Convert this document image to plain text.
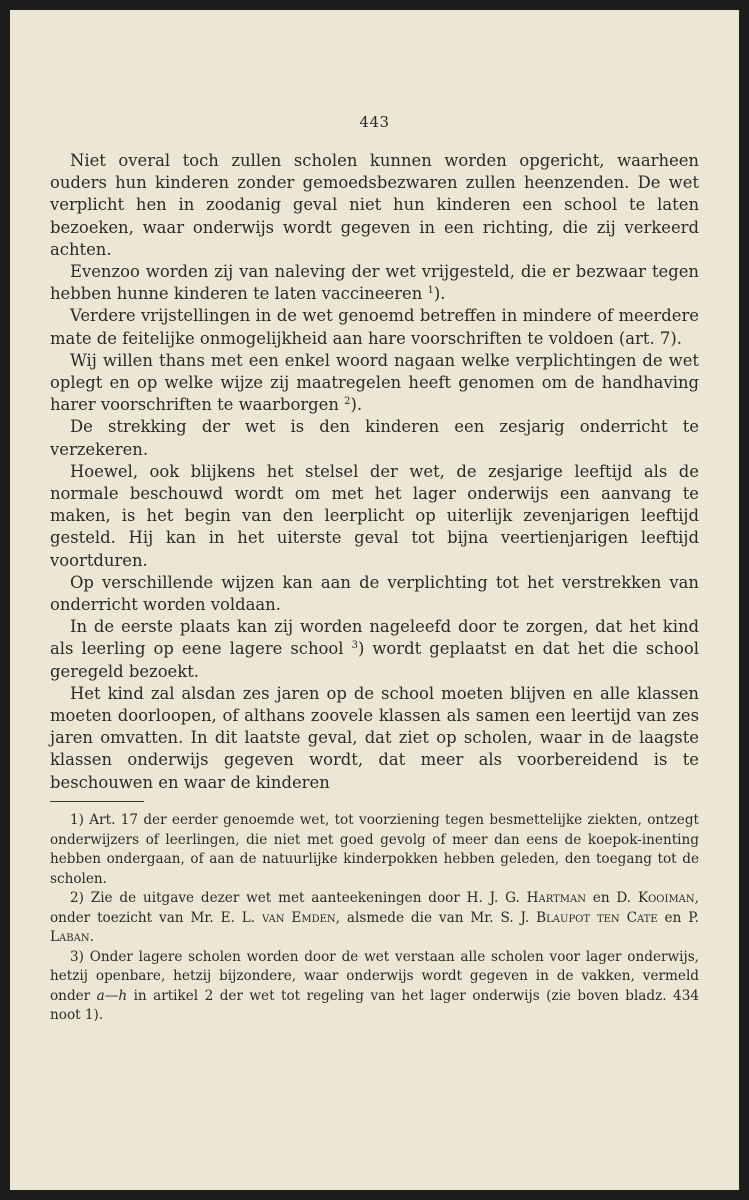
443

Niet overal toch zullen scholen kunnen worden opgericht, waarheen ouders hun kinderen zonder gemoedsbezwaren zullen heenzenden. De wet verplicht hen in zoodanig geval niet hun kinderen een school te laten bezoeken, waar onderwijs wordt gegeven in een richting, die zij verkeerd achten.

Evenzoo worden zij van naleving der wet vrijgesteld, die er bezwaar tegen hebben hunne kinderen te laten vaccineeren $^1$).

Verdere vrijstellingen in de wet genoemd betreffen in mindere of meerdere mate de feitelijke onmogelijkheid aan hare voorschriften te voldoen (art. 7).

Wij willen thans met een enkel woord nagaan welke verplichtingen de wet oplegt en op welke wijze zij maatregelen heeft genomen om de handhaving harer voorschriften te waarborgen $^2$).

De strekking der wet is den kinderen een zesjarig onderricht te verzekeren.

Hoewel, ook blijkens het stelsel der wet, de zesjarige leeftijd als de normale beschouwd wordt om met het lager onderwijs een aanvang te maken, is het begin van den leerplicht op uiterlijk zevenjarigen leeftijd gesteld. Hij kan in het uiterste geval tot bijna veertienjarigen leeftijd voortduren.

Op verschillende wijzen kan aan de verplichting tot het verstrekken van onderricht worden voldaan.

In de eerste plaats kan zij worden nageleefd door te zorgen, dat het kind als leerling op eene lagere school $^3$) wordt geplaatst en dat het die school geregeld bezoekt.

Het kind zal alsdan zes jaren op de school moeten blijven en alle klassen moeten doorloopen, of althans zoovele klassen als samen een leertijd van zes jaren omvatten. In dit laatste geval, dat ziet op scholen, waar in de laagste klassen onderwijs gegeven wordt, dat meer als voorbereidend is te beschouwen en waar de kinderen

1) Art. 17 der eerder genoemde wet, tot voorziening tegen besmettelijke ziekten, ontzegt onderwijzers of leerlingen, die niet met goed gevolg of meer dan eens de koepok-inenting hebben ondergaan, of aan de natuurlijke kinderpokken hebben geleden, den toegang tot de scholen.

2) Zie de uitgave dezer wet met aanteekeningen door H. J. G. Hartman en D. Kooiman, onder toezicht van Mr. E. L. van Emden, alsmede die van Mr. S. J. Blaupot ten Cate en P. Laban.

3) Onder lagere scholen worden door de wet verstaan alle scholen voor lager onderwijs, hetzij openbare, hetzij bijzondere, waar onderwijs wordt gegeven in de vakken, vermeld onder a—h in artikel 2 der wet tot regeling van het lager onderwijs (zie boven bladz. 434 noot 1).
